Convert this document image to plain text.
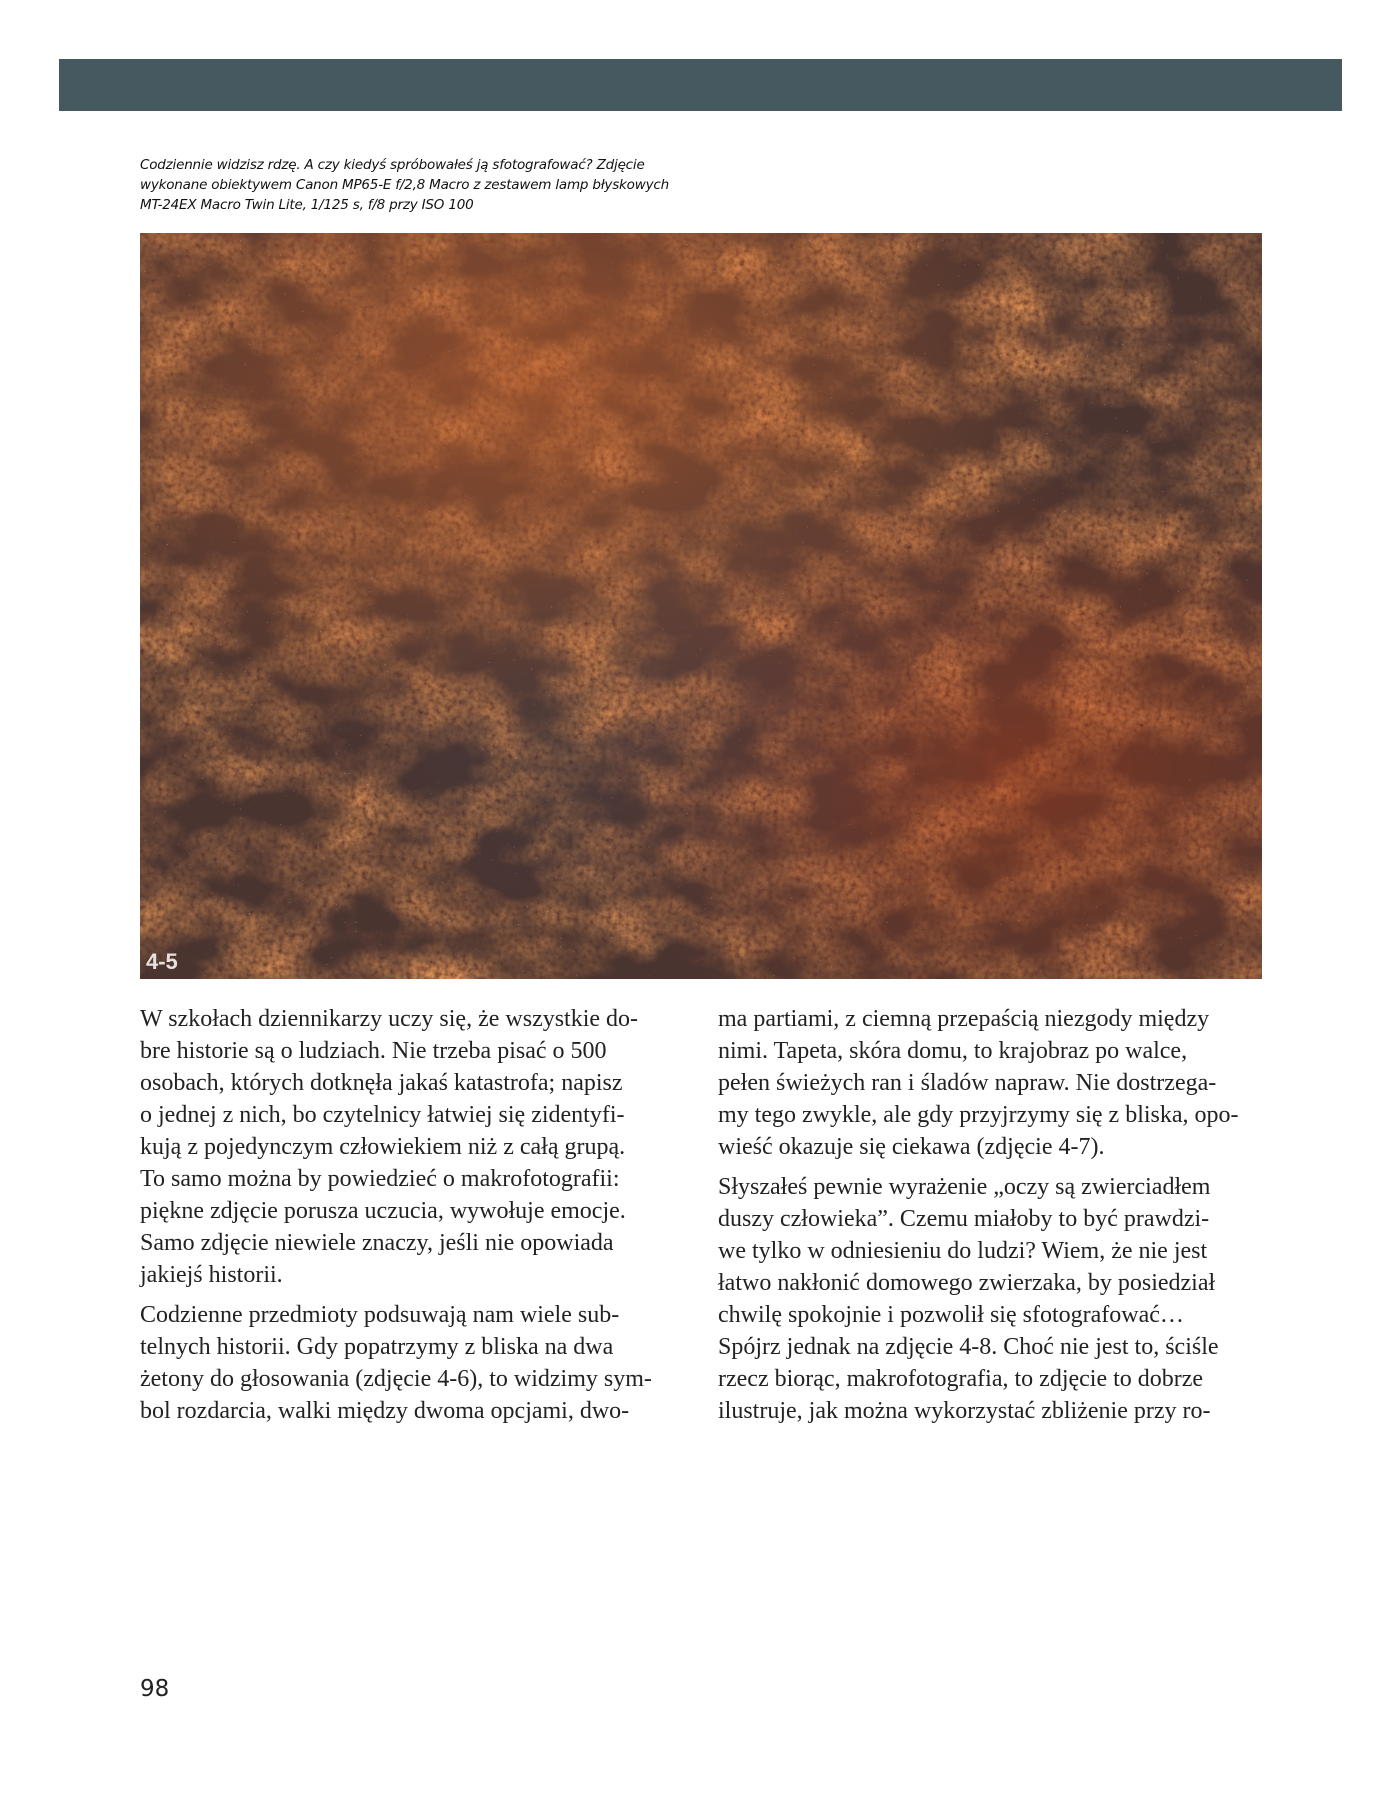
Codziennie widzisz rdzę. A czy kiedyś spróbowałeś ją sfotografować? Zdjęcie
wykonane obiektywem Canon MP65-E f/2,8 Macro z zestawem lamp błyskowych
MT-24EX Macro Twin Lite, 1/125 s, f/8 przy ISO 100
4-5

W szkołach dziennikarzy uczy się, że wszystkie do-
bre historie są o ludziach. Nie trzeba pisać o 500
osobach, których dotknęła jakaś katastrofa; napisz
o jednej z nich, bo czytelnicy łatwiej się zidentyfi-
kują z pojedynczym człowiekiem niż z całą grupą.
To samo można by powiedzieć o makrofotografii:
piękne zdjęcie porusza uczucia, wywołuje emocje.
Samo zdjęcie niewiele znaczy, jeśli nie opowiada
jakiejś historii.

Codzienne przedmioty podsuwają nam wiele sub-
telnych historii. Gdy popatrzymy z bliska na dwa
żetony do głosowania (zdjęcie 4-6), to widzimy sym-
bol rozdarcia, walki między dwoma opcjami, dwo-

ma partiami, z ciemną przepaścią niezgody między
nimi. Tapeta, skóra domu, to krajobraz po walce,
pełen świeżych ran i śladów napraw. Nie dostrzega-
my tego zwykle, ale gdy przyjrzymy się z bliska, opo-
wieść okazuje się ciekawa (zdjęcie 4-7).

Słyszałeś pewnie wyrażenie „oczy są zwierciadłem
duszy człowieka”. Czemu miałoby to być prawdzi-
we tylko w odniesieniu do ludzi? Wiem, że nie jest
łatwo nakłonić domowego zwierzaka, by posiedział
chwilę spokojnie i pozwolił się sfotografować…
Spójrz jednak na zdjęcie 4-8. Choć nie jest to, ściśle
rzecz biorąc, makrofotografia, to zdjęcie to dobrze
ilustruje, jak można wykorzystać zbliżenie przy ro-

98
